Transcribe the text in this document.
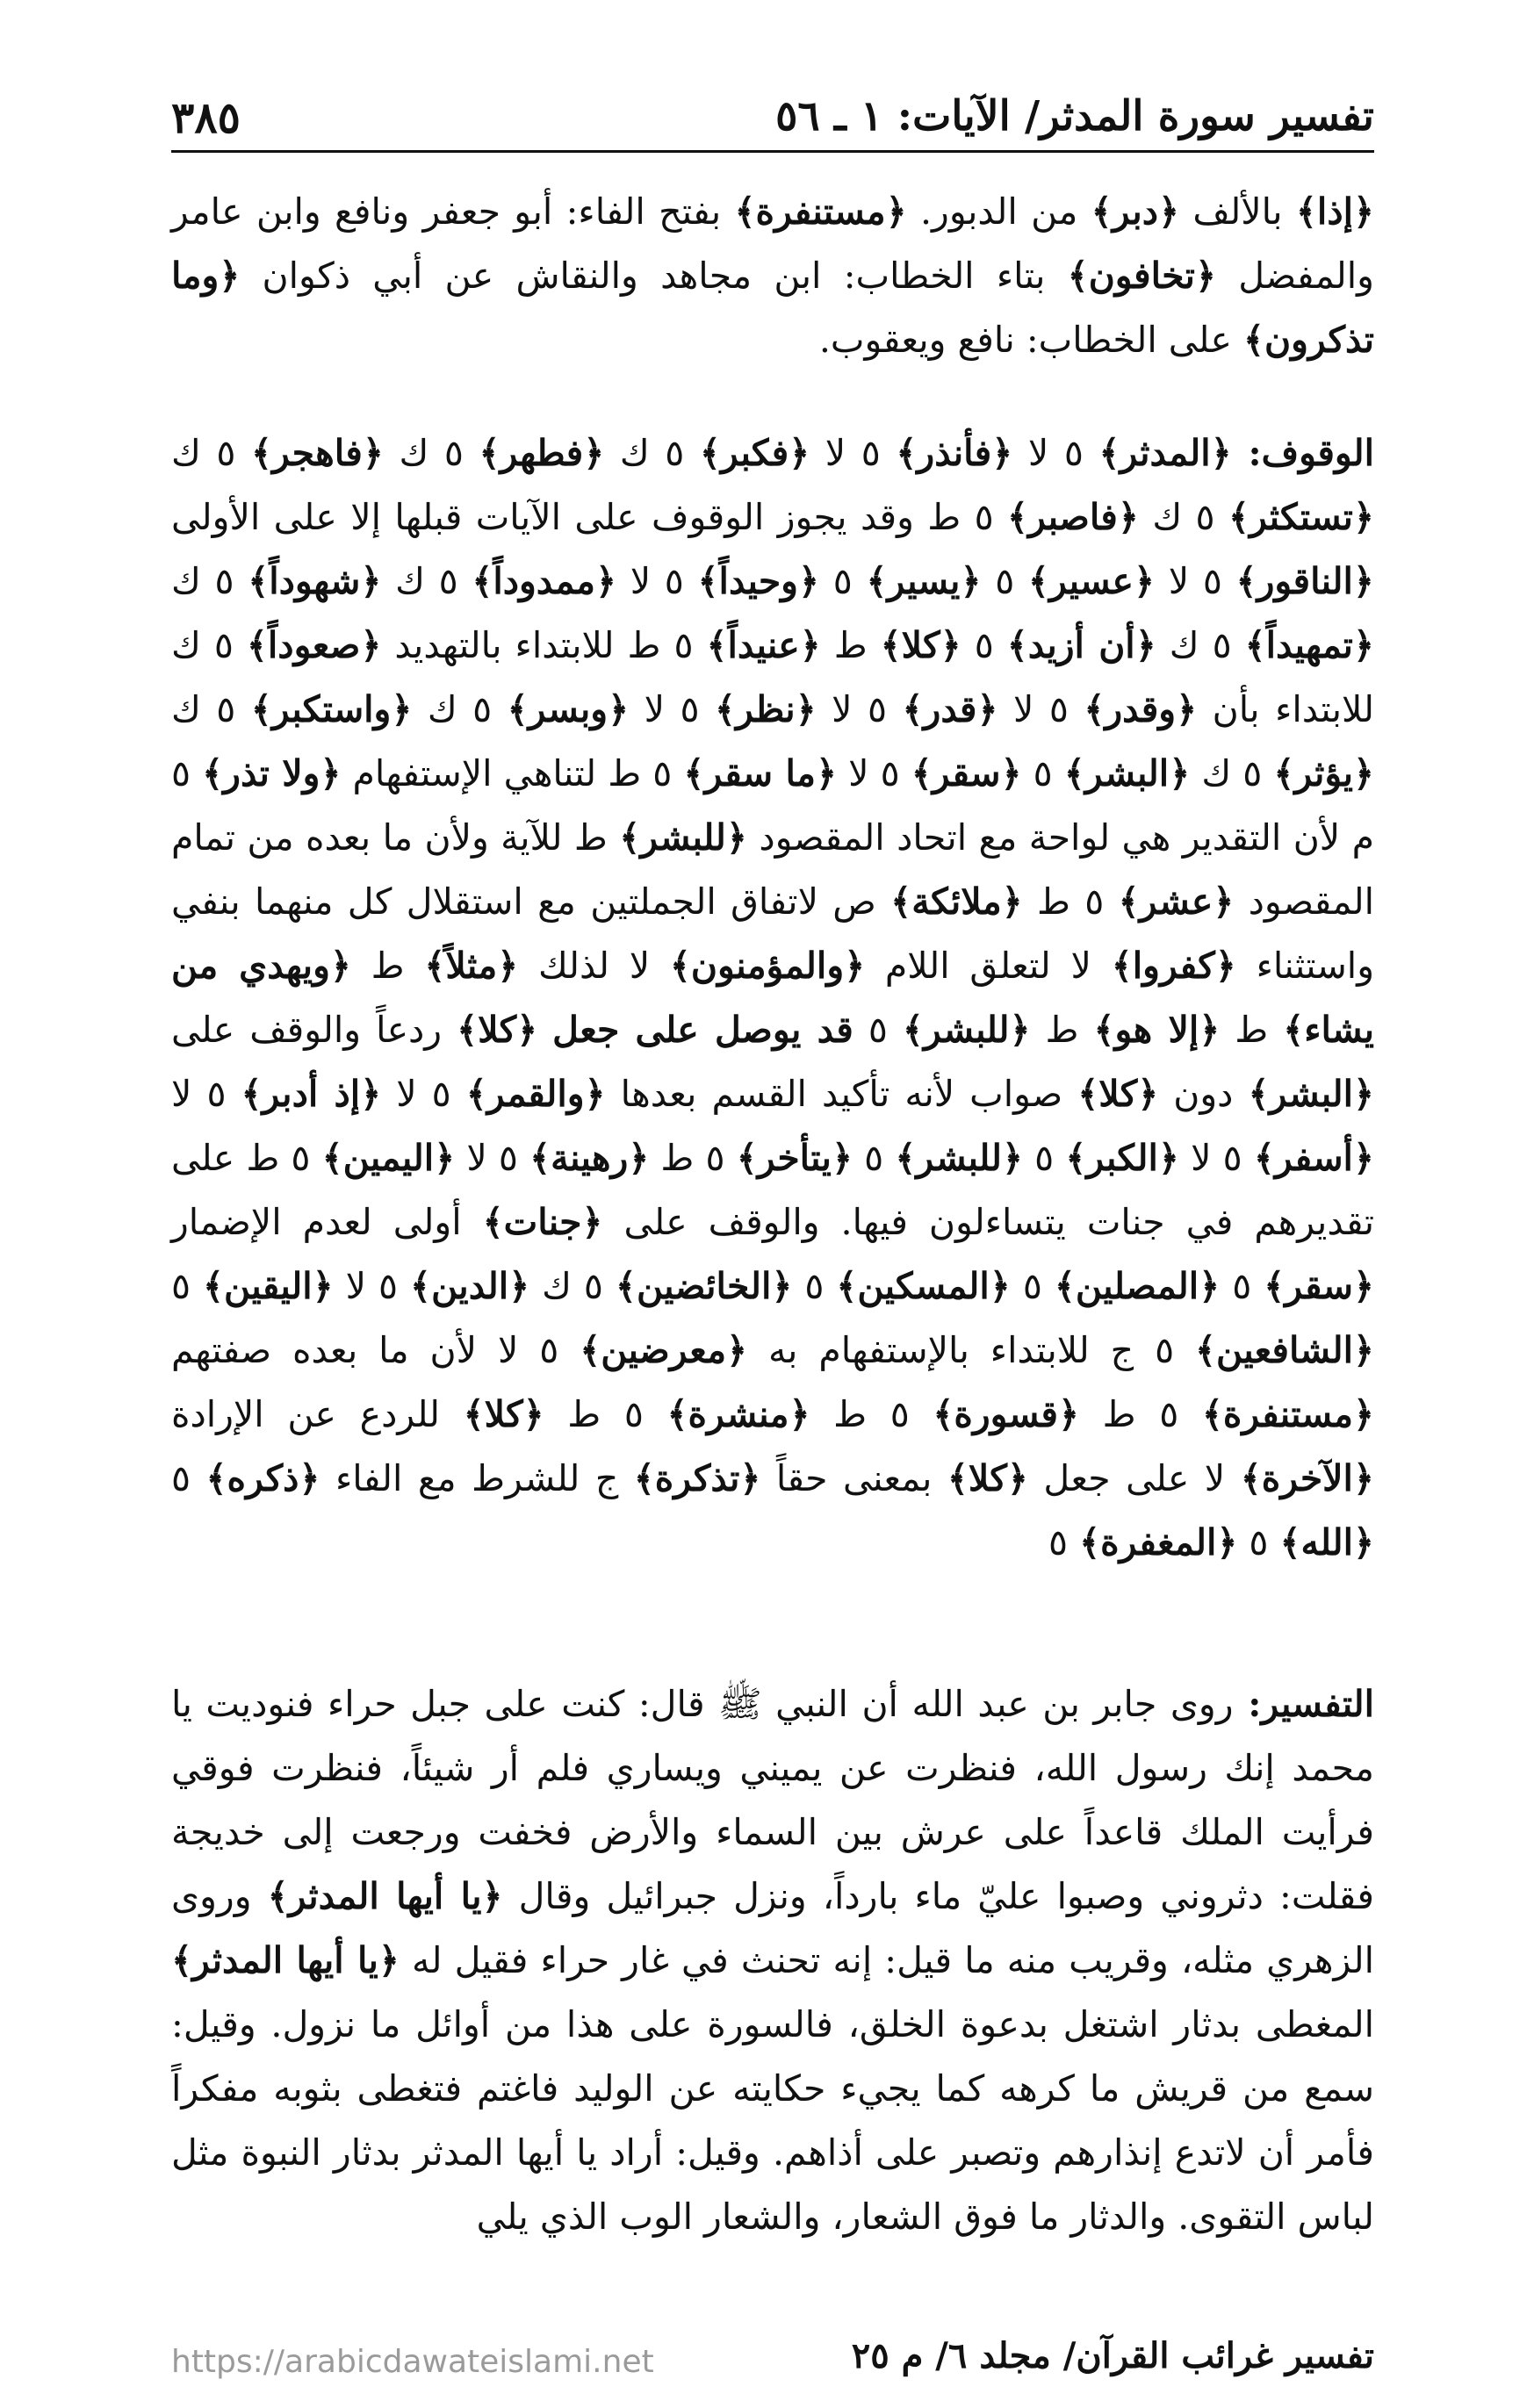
تفسير سورة المدثر/ الآيات: ١ ـ ٥٦
٣٨٥

﴿إذا﴾ بالألف ﴿دبر﴾ من الدبور. ﴿مستنفرة﴾ بفتح الفاء: أبو جعفر ونافع وابن عامر والمفضل ﴿تخافون﴾ بتاء الخطاب: ابن مجاهد والنقاش عن أبي ذكوان ﴿وما تذكرون﴾ على الخطاب: نافع ويعقوب.

الوقوف: ﴿المدثر﴾ ٥ لا ﴿فأنذر﴾ ٥ لا ﴿فكبر﴾ ٥ ك ﴿فطهر﴾ ٥ ك ﴿فاهجر﴾ ٥ ك ﴿تستكثر﴾ ٥ ك ﴿فاصبر﴾ ٥ ط وقد يجوز الوقوف على الآيات قبلها إلا على الأولى ﴿الناقور﴾ ٥ لا ﴿عسير﴾ ٥ ﴿يسير﴾ ٥ ﴿وحيداً﴾ ٥ لا ﴿ممدوداً﴾ ٥ ك ﴿شهوداً﴾ ٥ ك ﴿تمهيداً﴾ ٥ ك ﴿أن أزيد﴾ ٥ ﴿كلا﴾ ط ﴿عنيداً﴾ ٥ ط للابتداء بالتهديد ﴿صعوداً﴾ ٥ ك للابتداء بأن ﴿وقدر﴾ ٥ لا ﴿قدر﴾ ٥ لا ﴿نظر﴾ ٥ لا ﴿وبسر﴾ ٥ ك ﴿واستكبر﴾ ٥ ك ﴿يؤثر﴾ ٥ ك ﴿البشر﴾ ٥ ﴿سقر﴾ ٥ لا ﴿ما سقر﴾ ٥ ط لتناهي الإستفهام ﴿ولا تذر﴾ ٥ م لأن التقدير هي لواحة مع اتحاد المقصود ﴿للبشر﴾ ط للآية ولأن ما بعده من تمام المقصود ﴿عشر﴾ ٥ ط ﴿ملائكة﴾ ص لاتفاق الجملتين مع استقلال كل منهما بنفي واستثناء ﴿كفروا﴾ لا لتعلق اللام ﴿والمؤمنون﴾ لا لذلك ﴿مثلاً﴾ ط ﴿ويهدي من يشاء﴾ ط ﴿إلا هو﴾ ط ﴿للبشر﴾ ٥ قد يوصل على جعل ﴿كلا﴾ ردعاً والوقف على ﴿البشر﴾ دون ﴿كلا﴾ صواب لأنه تأكيد القسم بعدها ﴿والقمر﴾ ٥ لا ﴿إذ أدبر﴾ ٥ لا ﴿أسفر﴾ ٥ لا ﴿الكبر﴾ ٥ ﴿للبشر﴾ ٥ ﴿يتأخر﴾ ٥ ط ﴿رهينة﴾ ٥ لا ﴿اليمين﴾ ٥ ط على تقديرهم في جنات يتساءلون فيها. والوقف على ﴿جنات﴾ أولى لعدم الإضمار ﴿سقر﴾ ٥ ﴿المصلين﴾ ٥ ﴿المسكين﴾ ٥ ﴿الخائضين﴾ ٥ ك ﴿الدين﴾ ٥ لا ﴿اليقين﴾ ٥ ﴿الشافعين﴾ ٥ ج للابتداء بالإستفهام به ﴿معرضين﴾ ٥ لا لأن ما بعده صفتهم ﴿مستنفرة﴾ ٥ ط ﴿قسورة﴾ ٥ ط ﴿منشرة﴾ ٥ ط ﴿كلا﴾ للردع عن الإرادة ﴿الآخرة﴾ لا على جعل ﴿كلا﴾ بمعنى حقاً ﴿تذكرة﴾ ج للشرط مع الفاء ﴿ذكره﴾ ٥ ﴿الله﴾ ٥ ﴿المغفرة﴾ ٥

التفسير: روى جابر بن عبد الله أن النبي ﷺ قال: كنت على جبل حراء فنوديت يا محمد إنك رسول الله، فنظرت عن يميني ويساري فلم أر شيئاً، فنظرت فوقي فرأيت الملك قاعداً على عرش بين السماء والأرض فخفت ورجعت إلى خديجة فقلت: دثروني وصبوا عليّ ماء بارداً، ونزل جبرائيل وقال ﴿يا أيها المدثر﴾ وروى الزهري مثله، وقريب منه ما قيل: إنه تحنث في غار حراء فقيل له ﴿يا أيها المدثر﴾ المغطى بدثار اشتغل بدعوة الخلق، فالسورة على هذا من أوائل ما نزول. وقيل: سمع من قريش ما كرهه كما يجيء حكايته عن الوليد فاغتم فتغطى بثوبه مفكراً فأمر أن لاتدع إنذارهم وتصبر على أذاهم. وقيل: أراد يا أيها المدثر بدثار النبوة مثل لباس التقوى. والدثار ما فوق الشعار، والشعار الوب الذي يلي

تفسير غرائب القرآن/ مجلد ٦/ م ٢٥
https://arabicdawateislami.net
